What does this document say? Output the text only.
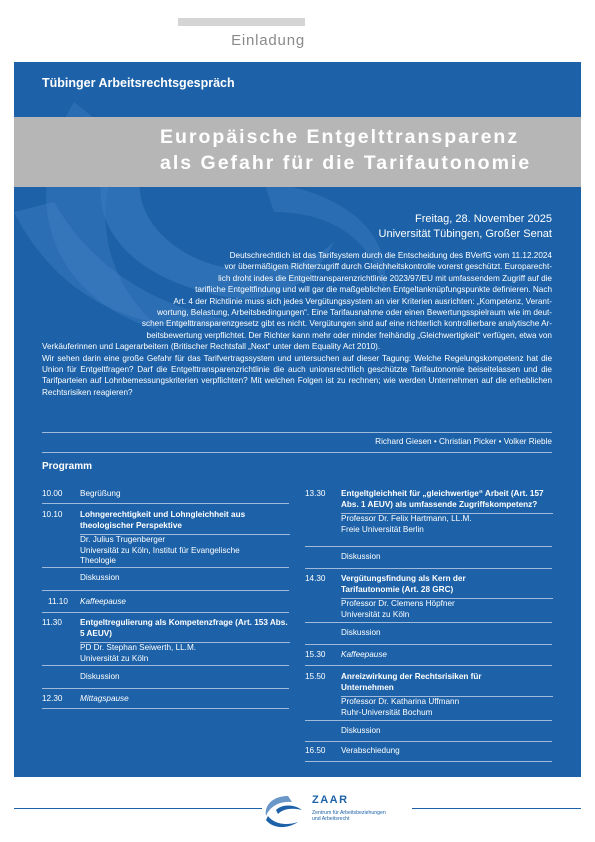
Einladung
Tübinger Arbeitsrechtsgespräch
Europäische Entgelttransparenz
als Gefahr für die Tarifautonomie
Freitag, 28. November 2025
Universität Tübingen, Großer Senat

Deutschrechtlich ist das Tarifsystem durch die Entscheidung des BVerfG vom 11.12.2024
vor übermäßigem Richterzugriff durch Gleichheitskontrolle vorerst geschützt. Europarecht-
lich droht indes die Entgelttransparenzrichtlinie 2023/97/EU mit umfassendem Zugriff auf die
tarifliche Entgeltfindung und will gar die maßgeblichen Entgeltanknüpfungspunkte definieren. Nach
Art. 4 der Richtlinie muss sich jedes Vergütungssystem an vier Kriterien ausrichten: „Kompetenz, Verant-
wortung, Belastung, Arbeitsbedingungen“. Eine Tarifausnahme oder einen Bewertungsspielraum wie im deut-
schen Entgelttransparenzgesetz gibt es nicht. Vergütungen sind auf eine richterlich kontrollierbare analytische Ar-
beitsbewertung verpflichtet. Der Richter kann mehr oder minder freihändig „Gleichwertigkeit“ verfügen, etwa von
Verkäuferinnen und Lagerarbeitern (Britischer Rechtsfall „Next“ unter dem Equality Act 2010).

Wir sehen darin eine große Gefahr für das Tarifvertragssystem und untersuchen auf dieser Tagung: Welche Regelungskompetenz hat die Union für Entgeltfragen? Darf die Entgelttransparenzrichtlinie die auch unionsrechtlich geschützte Tarifautonomie beiseitelassen und die Tarifparteien auf Lohnbemessungskriterien verpflichten? Mit welchen Folgen ist zu rechnen; wie werden Unternehmen auf die erheblichen Rechtsrisiken reagieren?

Richard Giesen • Christian Picker • Volker Rieble
Programm
10.00 Begrüßung
10.10 Lohngerechtigkeit und Lohngleichheit aus theologischer Perspektive
Dr. Julius Trugenberger
Universität zu Köln, Institut für Evangelische Theologie
Diskussion
11.10 Kaffeepause
11.30 Entgeltregulierung als Kompetenzfrage (Art. 153 Abs. 5 AEUV)
PD Dr. Stephan Seiwerth, LL.M.
Universität zu Köln
Diskussion
12.30 Mittagspause
13.30 Entgeltgleichheit für „gleichwertige“ Arbeit (Art. 157 Abs. 1 AEUV) als umfassende Zugriffskompetenz?
Professor Dr. Felix Hartmann, LL.M.
Freie Universität Berlin
Diskussion
14.30 Vergütungsfindung als Kern der Tarifautonomie (Art. 28 GRC)
Professor Dr. Clemens Höpfner
Universität zu Köln
Diskussion
15.30 Kaffeepause
15.50 Anreizwirkung der Rechtsrisiken für Unternehmen
Professor Dr. Katharina Uffmann
Ruhr-Universität Bochum
Diskussion
16.50 Verabschiedung
ZAAR
Zentrum für Arbeitsbeziehungen
und Arbeitsrecht
